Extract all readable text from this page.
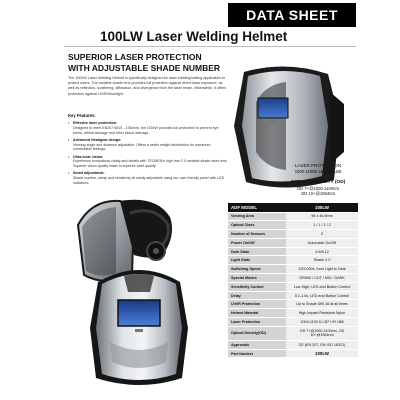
DATA SHEET
100LW Laser Welding Helmet
SUPERIOR LASER PROTECTION
WITH ADJUSTABLE SHADE NUMBER

The 100LW Laser Welding Helmet is specifically designed for laser welding/cutting application to protect users. The variable shade lens provides full protection against direct laser exposure, as well as reflection, scattering, diffraction, and divergence from the laser beam. Meanwhile, it offers protection against UV/IR/bluelight.

Key Features:
• Effective laser protection:
Designed to meet EN207:0810→1064nm, the 100LW provides full protection to prevent eye burns, retinal damage and other tissue damage.
• Advanced Headgear design:
Viewing angle and distance adjustable. Offers a better weight distribution for maximum comfortable feelings.
• Ultra-clear vision:
Experience exceptional clarity and details with TECMEN's high true 2.0 variable shade laser lens. Superior vision quality leads to superior weld quality.
• Smart adjustment:
Shade number, delay and sensitivity all easily adjustable using our user friendly panel with LED indicators.
LASER PROTECTION
1000-1100D LB7+IR LB8
OPTICAL DENSITY (OD)
OD 7+@1000-1100nm
OD 10+@1064nm
ADF MODEL	100LW
Viewing Area	96 x 46.5mm
Optical Class	1 / 1 / 1 / 2
Number of Sensors	2
Power On/Off	Automatic On/Off
Dark State	4-6/8-12
Light State	Shade 2.0
Switching Speed	1/25,000s, from Light to Dark
Special Modes	GRIND / CUT / MIX / DARK
Sensitivity Control	Low-High, LED and Button Control
Delay	0.1-1.0s, LED and Button Control
UV/IR Protection	Up to Shade DIN 16 at all times
Helmet Material	High Impact Resistant Nylon
Laser Protection	1000-1100 D LB7+ IR LB8
Optical Density(OD)	OD 7+@1000-1100nm, OD 10+@1064nm
Approvals	CE (EN 207, EN ISO 16321)
Part Number	100LW
